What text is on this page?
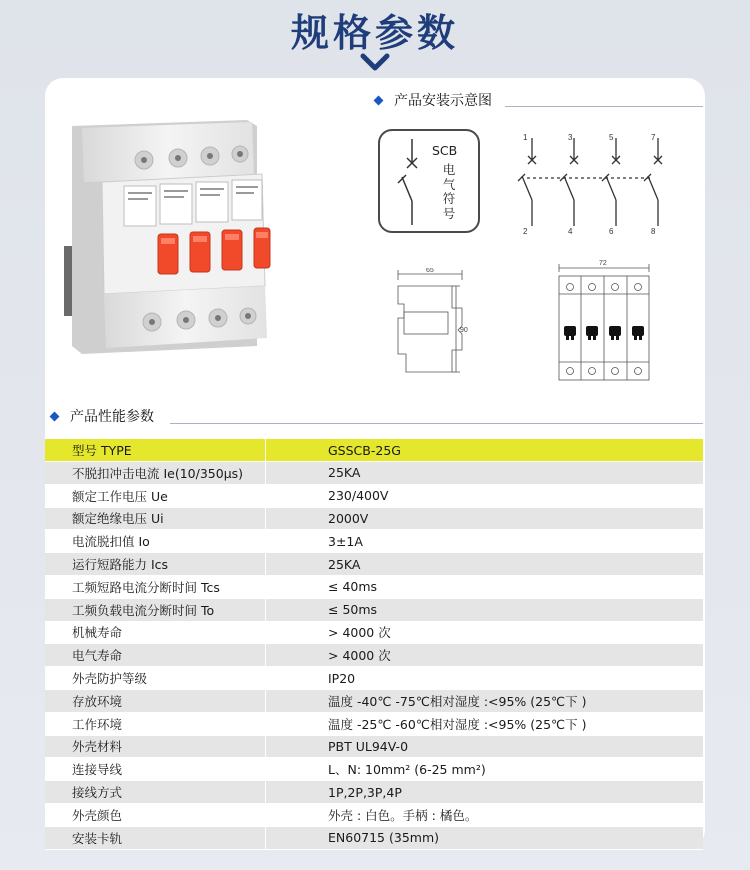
规格参数
产品安装示意图
SCB
电气符号
1	3	5	7
2	4	6	8
65
90
72
产品性能参数
型号 TYPE	GSSCB-25G
不脱扣冲击电流 Ie(10/350μs)	25KA
额定工作电压 Ue	230/400V
额定绝缘电压 Ui	2000V
电流脱扣值 Io	3±1A
运行短路能力 Ics	25KA
工频短路电流分断时间 Tcs	≤ 40ms
工频负载电流分断时间 To	≤ 50ms
机械寿命	> 4000 次
电气寿命	> 4000 次
外壳防护等级	IP20
存放环境	温度 -40℃ -75℃相对湿度 :<95% (25℃下 )
工作环境	温度 -25℃ -60℃相对湿度 :<95% (25℃下 )
外壳材料	PBT UL94V-0
连接导线	L、N: 10mm² (6-25 mm²)
接线方式	1P,2P,3P,4P
外壳颜色	外壳 : 白色。手柄 : 橘色。
安装卡轨	EN60715 (35mm)
